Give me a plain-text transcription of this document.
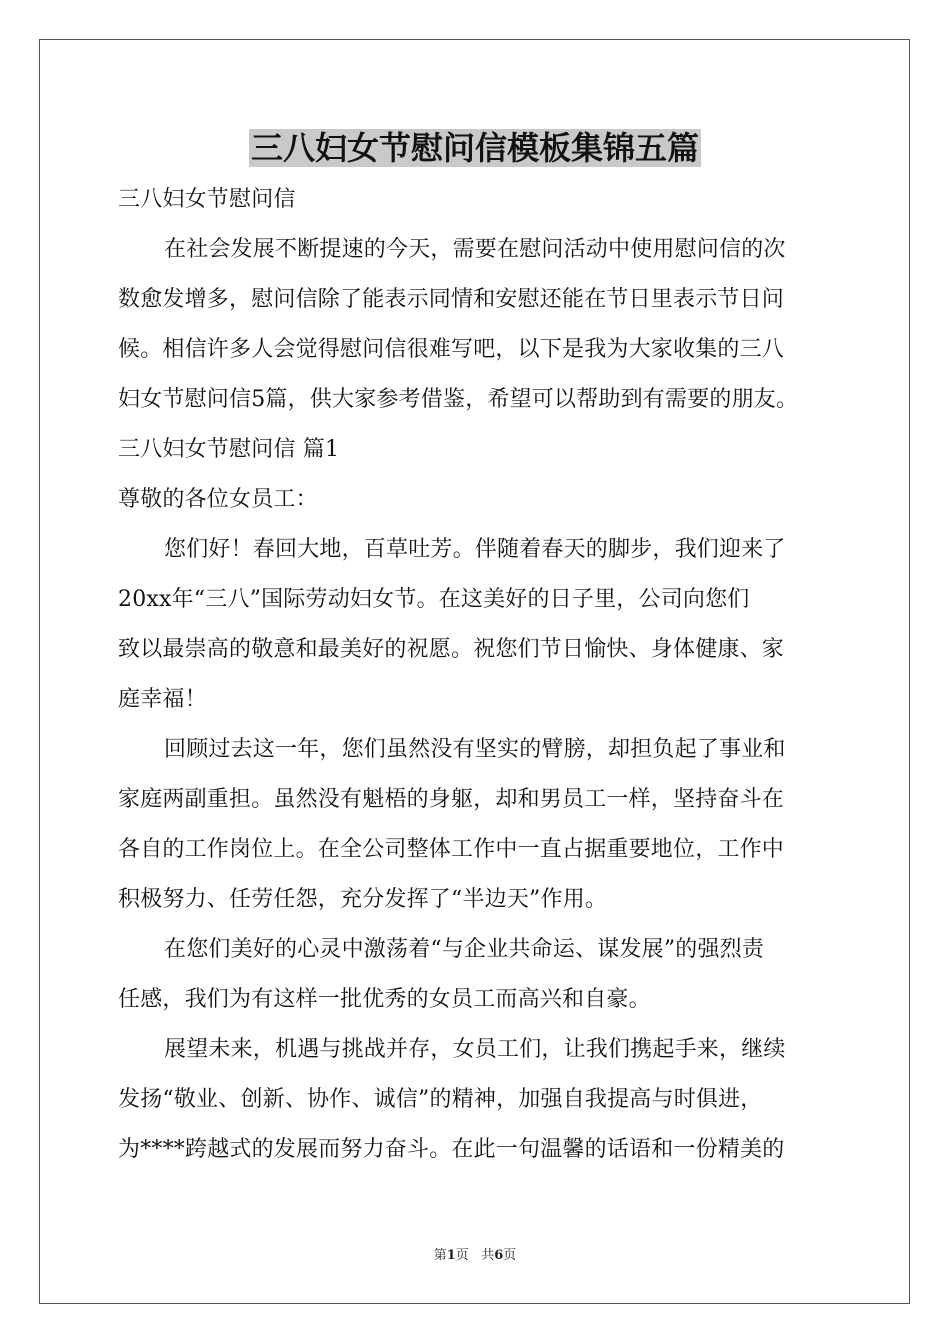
三八妇女节慰问信模板集锦五篇
三八妇女节慰问信
在社会发展不断提速的今天，需要在慰问活动中使用慰问信的次
数愈发增多，慰问信除了能表示同情和安慰还能在节日里表示节日问
候。相信许多人会觉得慰问信很难写吧，以下是我为大家收集的三八
妇女节慰问信5篇，供大家参考借鉴，希望可以帮助到有需要的朋友。
三八妇女节慰问信 篇1
尊敬的各位女员工：
您们好！春回大地，百草吐芳。伴随着春天的脚步，我们迎来了
20xx年“三八”国际劳动妇女节。在这美好的日子里，公司向您们
致以最崇高的敬意和最美好的祝愿。祝您们节日愉快、身体健康、家
庭幸福！
回顾过去这一年，您们虽然没有坚实的臂膀，却担负起了事业和
家庭两副重担。虽然没有魁梧的身躯，却和男员工一样，坚持奋斗在
各自的工作岗位上。在全公司整体工作中一直占据重要地位，工作中
积极努力、任劳任怨，充分发挥了“半边天”作用。
在您们美好的心灵中激荡着“与企业共命运、谋发展”的强烈责
任感，我们为有这样一批优秀的女员工而高兴和自豪。
展望未来，机遇与挑战并存，女员工们，让我们携起手来，继续
发扬“敬业、创新、协作、诚信”的精神，加强自我提高与时俱进，
为****跨越式的发展而努力奋斗。在此一句温馨的话语和一份精美的
第1页 共6页
